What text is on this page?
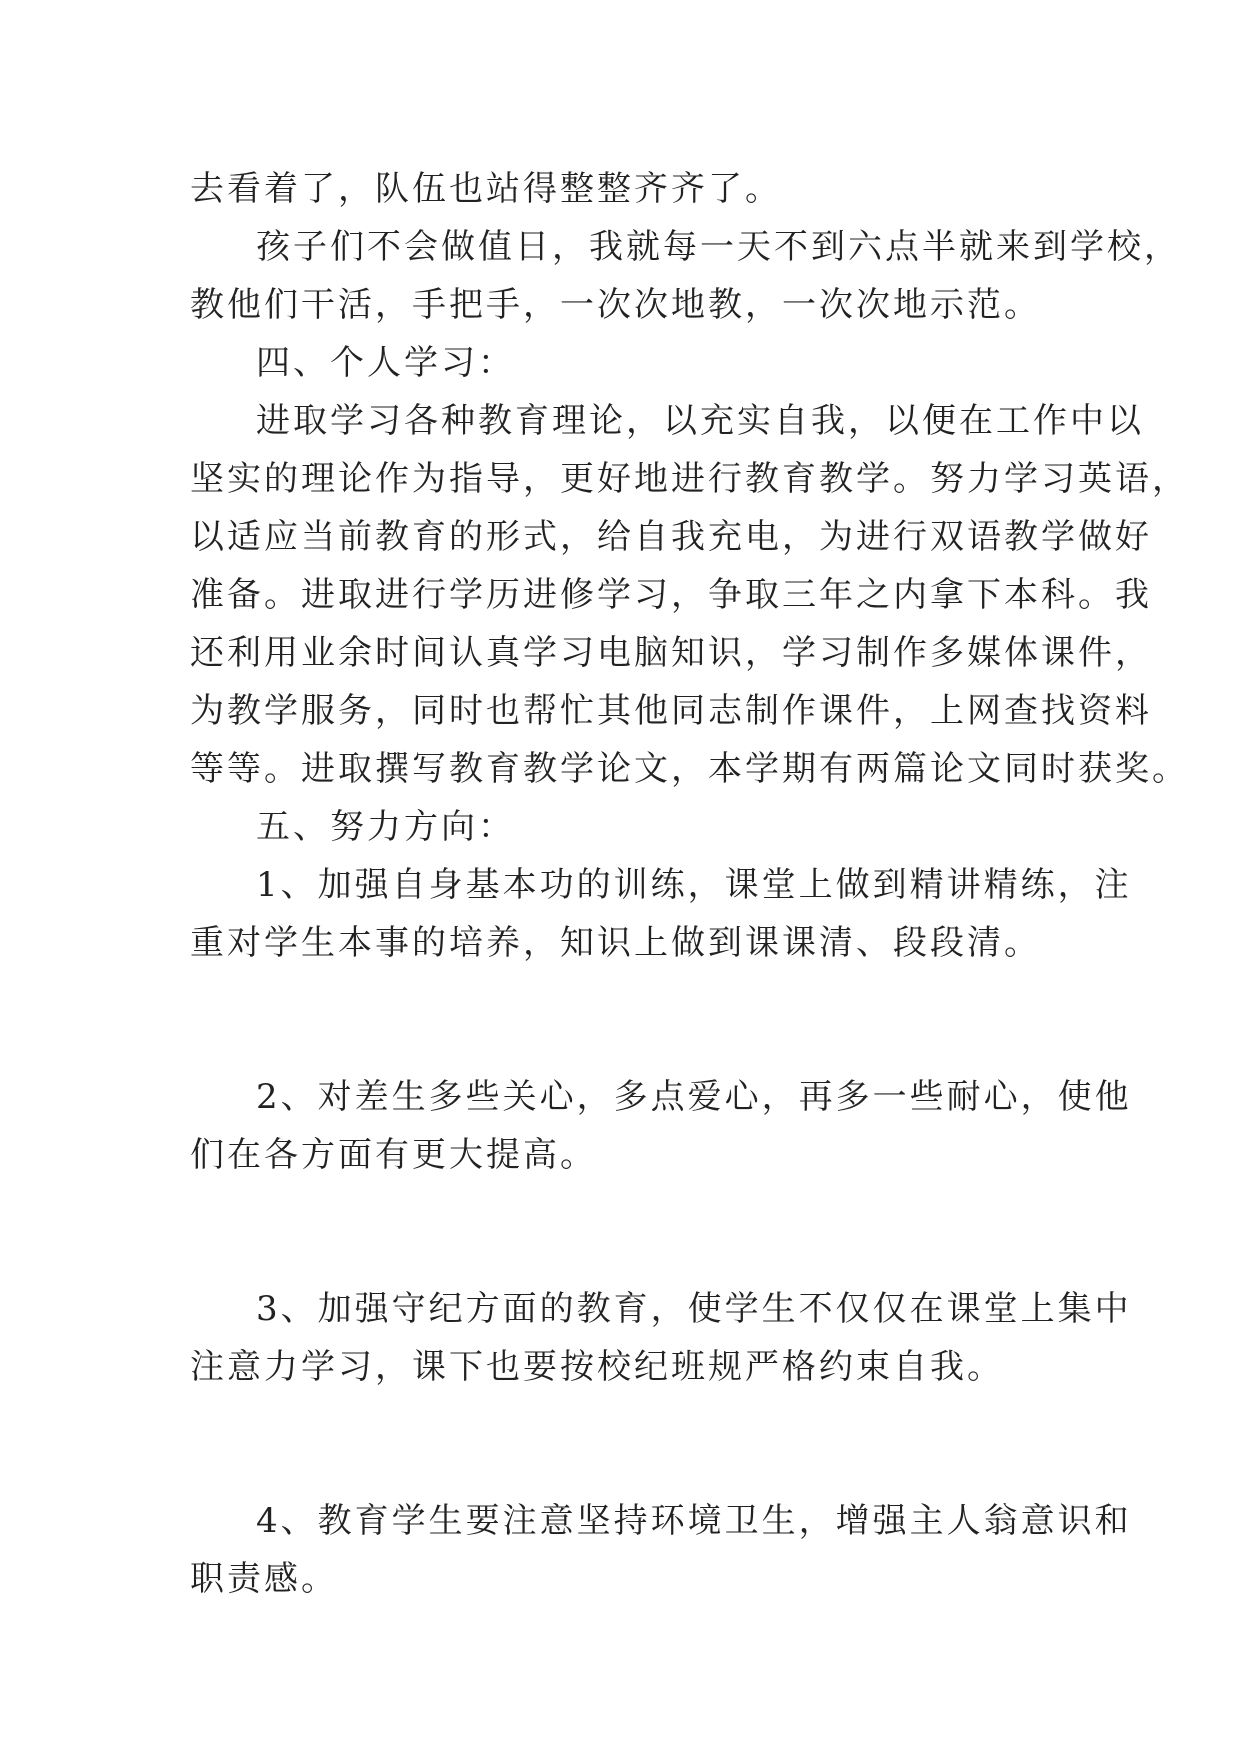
去看着了，队伍也站得整整齐齐了。
孩子们不会做值日，我就每一天不到六点半就来到学校，
教他们干活，手把手，一次次地教，一次次地示范。
四、个人学习：
进取学习各种教育理论，以充实自我，以便在工作中以
坚实的理论作为指导，更好地进行教育教学。努力学习英语，
以适应当前教育的形式，给自我充电，为进行双语教学做好
准备。进取进行学历进修学习，争取三年之内拿下本科。我
还利用业余时间认真学习电脑知识，学习制作多媒体课件，
为教学服务，同时也帮忙其他同志制作课件，上网查找资料
等等。进取撰写教育教学论文，本学期有两篇论文同时获奖。
五、努力方向：
1、加强自身基本功的训练，课堂上做到精讲精练，注
重对学生本事的培养，知识上做到课课清、段段清。
2、对差生多些关心，多点爱心，再多一些耐心，使他
们在各方面有更大提高。
3、加强守纪方面的教育，使学生不仅仅在课堂上集中
注意力学习，课下也要按校纪班规严格约束自我。
4、教育学生要注意坚持环境卫生，增强主人翁意识和
职责感。
